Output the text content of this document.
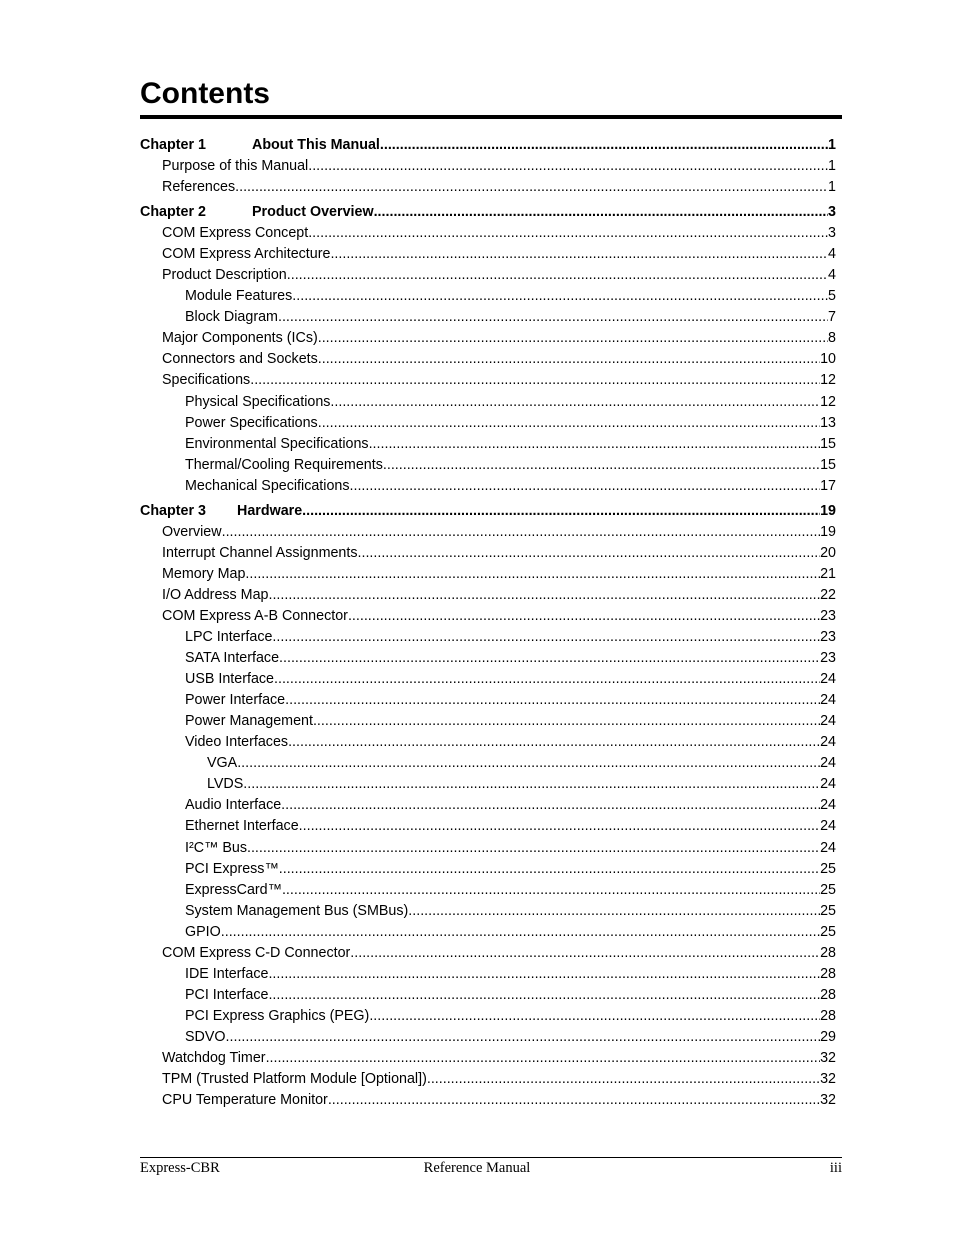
Contents
Chapter 1	About This Manual .....	1
Purpose of this Manual .....	1
References .....	1
Chapter 2	Product Overview .....	3
COM Express Concept .....	3
COM Express Architecture .....	4
Product Description .....	4
Module Features .....	5
Block Diagram .....	7
Major Components (ICs) .....	8
Connectors and Sockets .....	10
Specifications .....	12
Physical Specifications .....	12
Power Specifications .....	13
Environmental Specifications .....	15
Thermal/Cooling Requirements .....	15
Mechanical Specifications .....	17
Chapter 3	Hardware .....	19
Overview .....	19
Interrupt Channel Assignments .....	20
Memory Map .....	21
I/O Address Map .....	22
COM Express A-B Connector .....	23
LPC Interface .....	23
SATA Interface .....	23
USB Interface .....	24
Power Interface .....	24
Power Management .....	24
Video Interfaces .....	24
VGA .....	24
LVDS .....	24
Audio Interface .....	24
Ethernet Interface .....	24
I²C™ Bus .....	24
PCI Express™ .....	25
ExpressCard™ .....	25
System Management Bus (SMBus) .....	25
GPIO .....	25
COM Express C-D Connector .....	28
IDE Interface .....	28
PCI Interface .....	28
PCI Express Graphics (PEG) .....	28
SDVO .....	29
Watchdog Timer .....	32
TPM (Trusted Platform Module [Optional]) .....	32
CPU Temperature Monitor .....	32
Express-CBR	Reference Manual	iii
